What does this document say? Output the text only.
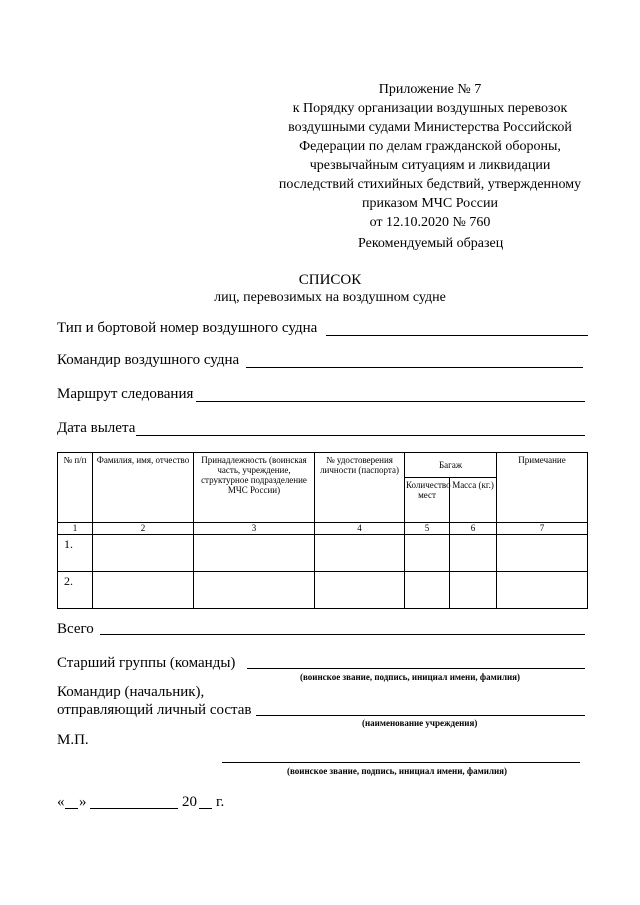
Приложение № 7
к Порядку организации воздушных перевозок
воздушными судами Министерства Российской
Федерации по делам гражданской обороны,
чрезвычайным ситуациям и ликвидации
последствий стихийных бедствий, утвержденному
приказом МЧС России
от 12.10.2020 № 760
Рекомендуемый образец
СПИСОК
лиц, перевозимых на воздушном судне
Тип и бортовой номер воздушного судна
Командир воздушного судна
Маршрут следования
Дата вылета
№ п/п	Фамилия, имя, отчество	Принадлежность (воинская часть, учреждение, структурное подразделение МЧС России)	№ удостоверения личности (паспорта)	Багаж		Примечание
				Количество мест	Масса (кг.)	
1	2	3	4	5	6	7
1.						
2.						
Всего
Старший группы (команды)
(воинское звание, подпись, инициал имени, фамилия)
Командир (начальник),
отправляющий личный состав
(наименование учреждения)
М.П.
(воинское звание, подпись, инициал имени, фамилия)
« »	20 г.
